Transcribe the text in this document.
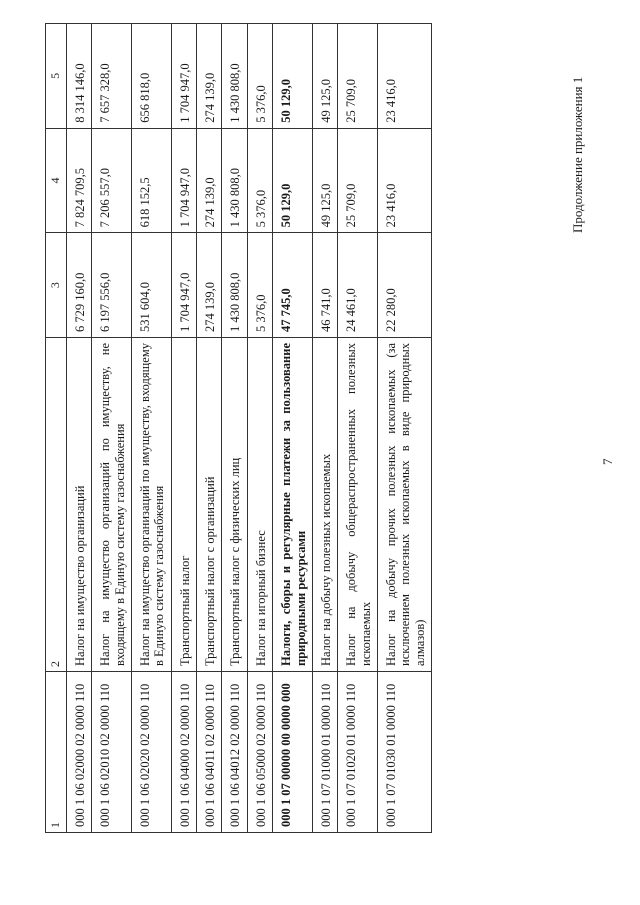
7
Продолжение приложения 1
1	2	3	4	5
000 1 06 02000 02 0000 110	Налог на имущество организаций	6 729 160,0	7 824 709,5	8 314 146,0
000 1 06 02010 02 0000 110	Налог на имущество организаций по имуществу, не входящему в Единую систему газоснабжения	6 197 556,0	7 206 557,0	7 657 328,0
000 1 06 02020 02 0000 110	Налог на имущество организаций по имуществу, входящему в Единую систему газоснабжения	531 604,0	618 152,5	656 818,0
000 1 06 04000 02 0000 110	Транспортный налог	1 704 947,0	1 704 947,0	1 704 947,0
000 1 06 04011 02 0000 110	Транспортный налог с организаций	274 139,0	274 139,0	274 139,0
000 1 06 04012 02 0000 110	Транспортный налог с физических лиц	1 430 808,0	1 430 808,0	1 430 808,0
000 1 06 05000 02 0000 110	Налог на игорный бизнес	5 376,0	5 376,0	5 376,0
000 1 07 00000 00 0000 000	Налоги, сборы и регулярные платежи за пользование природными ресурсами	47 745,0	50 129,0	50 129,0
000 1 07 01000 01 0000 110	Налог на добычу полезных ископаемых	46 741,0	49 125,0	49 125,0
000 1 07 01020 01 0000 110	Налог на добычу общераспространенных полезных ископаемых	24 461,0	25 709,0	25 709,0
000 1 07 01030 01 0000 110	Налог на добычу прочих полезных ископаемых (за исключением полезных ископаемых в виде природных алмазов)	22 280,0	23 416,0	23 416,0
